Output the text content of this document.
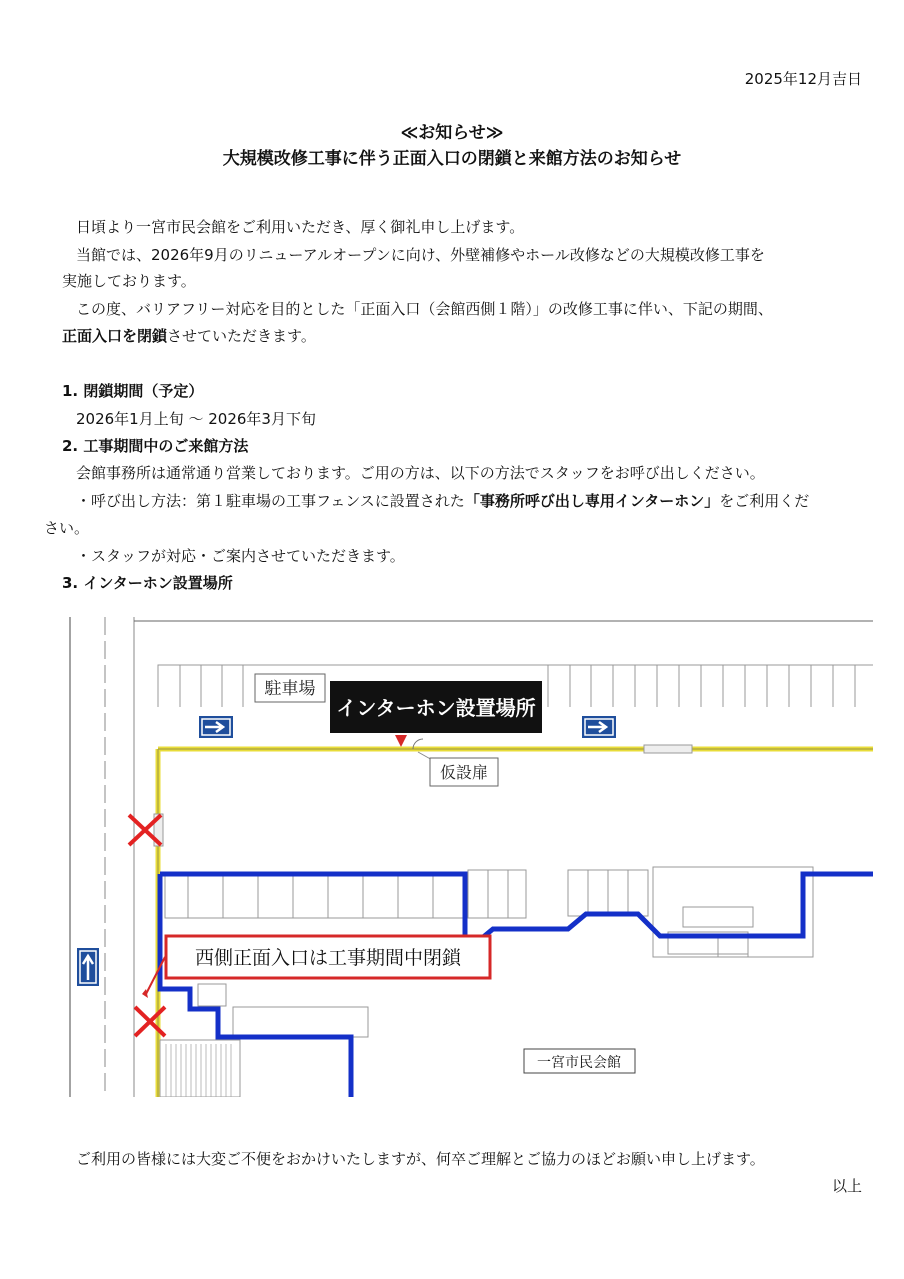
2025年12月吉日
≪お知らせ≫
大規模改修工事に伴う正面入口の閉鎖と来館方法のお知らせ
日頃より一宮市民会館をご利用いただき、厚く御礼申し上げます。
当館では、2026年9月のリニューアルオープンに向け、外壁補修やホール改修などの大規模改修工事を
実施しております。
この度、バリアフリー対応を目的とした「正面入口（会館西側１階）」の改修工事に伴い、下記の期間、
正面入口を閉鎖させていただきます。
1. 閉鎖期間（予定）
2026年1月上旬 〜 2026年3月下旬
2. 工事期間中のご来館方法
会館事務所は通常通り営業しております。ご用の方は、以下の方法でスタッフをお呼び出しください。
・呼び出し方法：第１駐車場の工事フェンスに設置された「事務所呼び出し専用インターホン」をご利用くだ
さい。
・スタッフが対応・ご案内させていただきます。
3. インターホン設置場所
駐車場
インターホン設置場所
仮設扉
西側正面入口は工事期間中閉鎖
一宮市民会館
ご利用の皆様には大変ご不便をおかけいたしますが、何卒ご理解とご協力のほどお願い申し上げます。
以上
